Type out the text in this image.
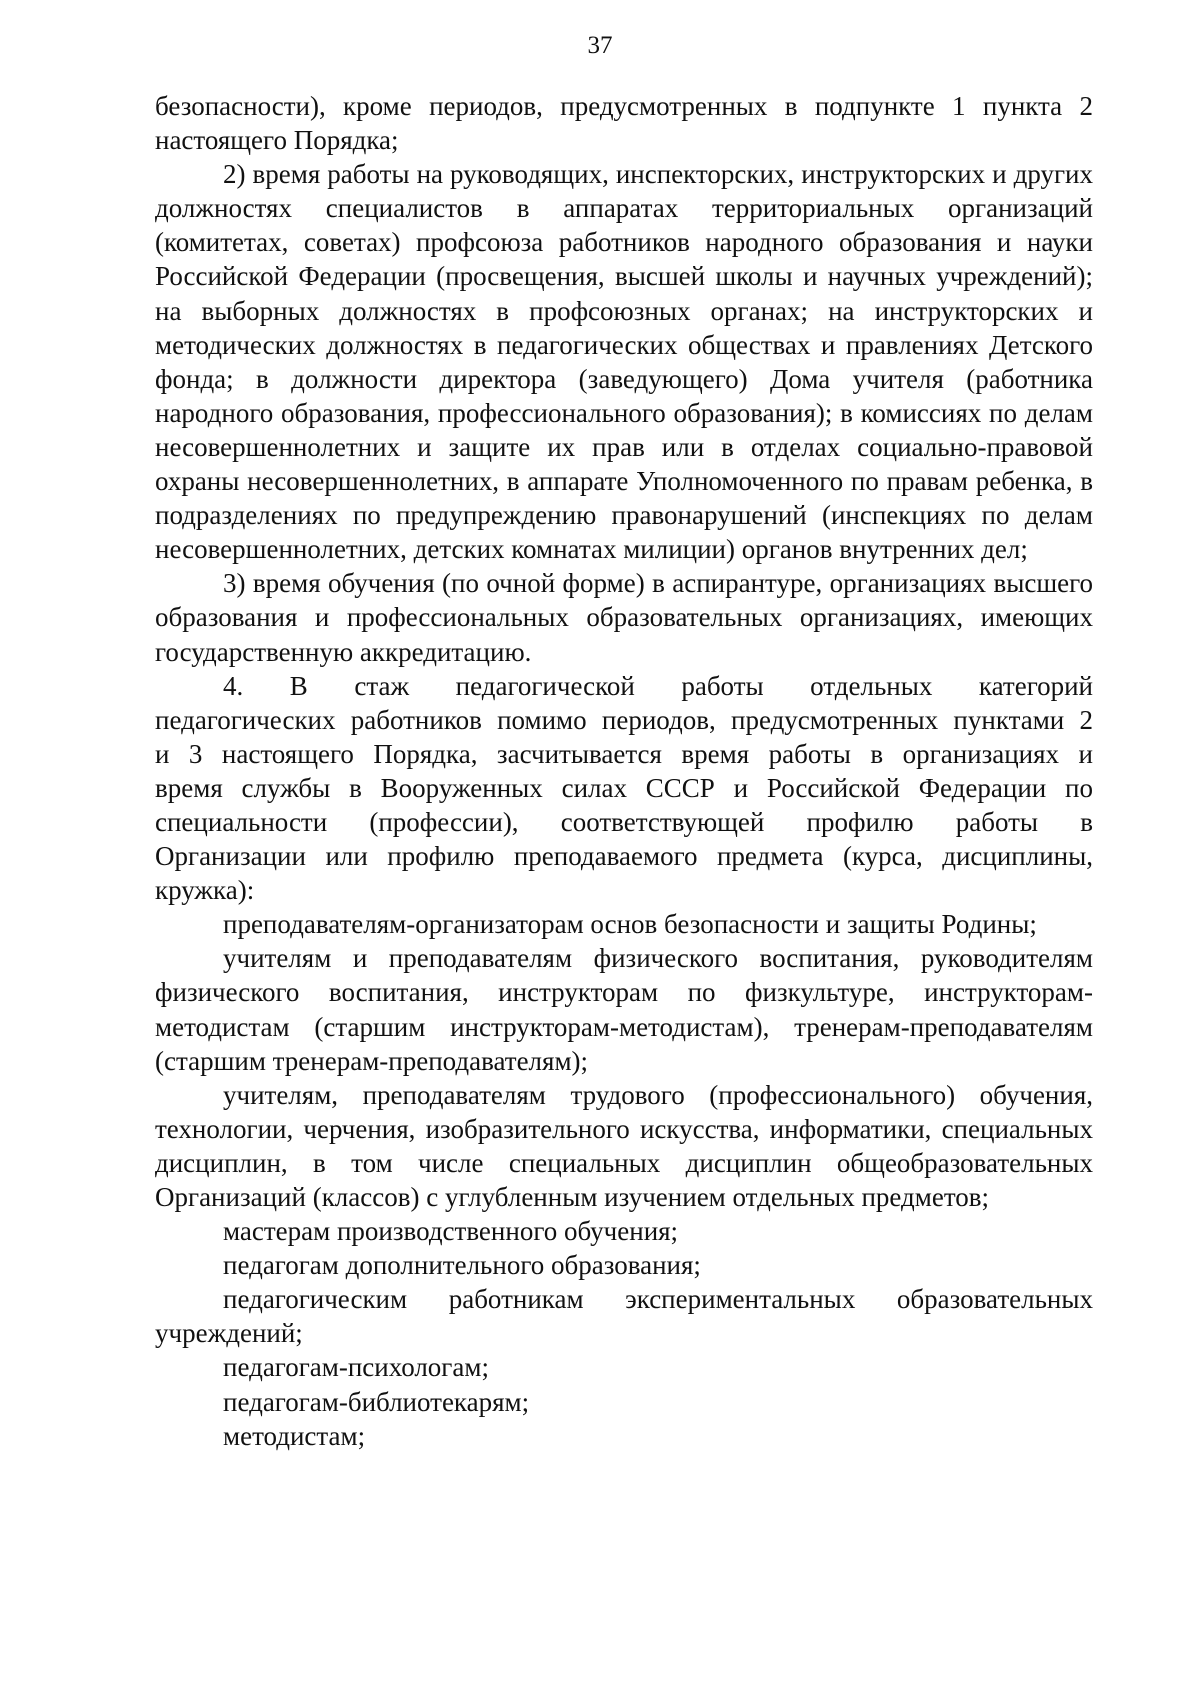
37

безопасности), кроме периодов, предусмотренных в подпункте 1 пункта 2 настоящего Порядка;

2) время работы на руководящих, инспекторских, инструкторских и других должностях специалистов в аппаратах территориальных организаций (комитетах, советах) профсоюза работников народного образования и науки Российской Федерации (просвещения, высшей школы и научных учреждений); на выборных должностях в профсоюзных органах; на инструкторских и методических должностях в педагогических обществах и правлениях Детского фонда; в должности директора (заведующего) Дома учителя (работника народного образования, профессионального образования); в комиссиях по делам несовершеннолетних и защите их прав или в отделах социально-правовой охраны несовершеннолетних, в аппарате Уполномоченного по правам ребенка, в подразделениях по предупреждению правонарушений (инспекциях по делам несовершеннолетних, детских комнатах милиции) органов внутренних дел;

3) время обучения (по очной форме) в аспирантуре, организациях высшего образования и профессиональных образовательных организациях, имеющих государственную аккредитацию.

4. В стаж педагогической работы отдельных категорий педагогических работников помимо периодов, предусмотренных пунктами 2 и 3 настоящего Порядка, засчитывается время работы в организациях и время службы в Вооруженных силах СССР и Российской Федерации по специальности (профессии), соответствующей профилю работы в Организации или профилю преподаваемого предмета (курса, дисциплины, кружка):

преподавателям-организаторам основ безопасности и защиты Родины;

учителям и преподавателям физического воспитания, руководителям физического воспитания, инструкторам по физкультуре, инструкторам-методистам (старшим инструкторам-методистам), тренерам-преподавателям (старшим тренерам-преподавателям);

учителям, преподавателям трудового (профессионального) обучения, технологии, черчения, изобразительного искусства, информатики, специальных дисциплин, в том числе специальных дисциплин общеобразовательных Организаций (классов) с углубленным изучением отдельных предметов;

мастерам производственного обучения;

педагогам дополнительного образования;

педагогическим работникам экспериментальных образовательных учреждений;

педагогам-психологам;

педагогам-библиотекарям;

методистам;
